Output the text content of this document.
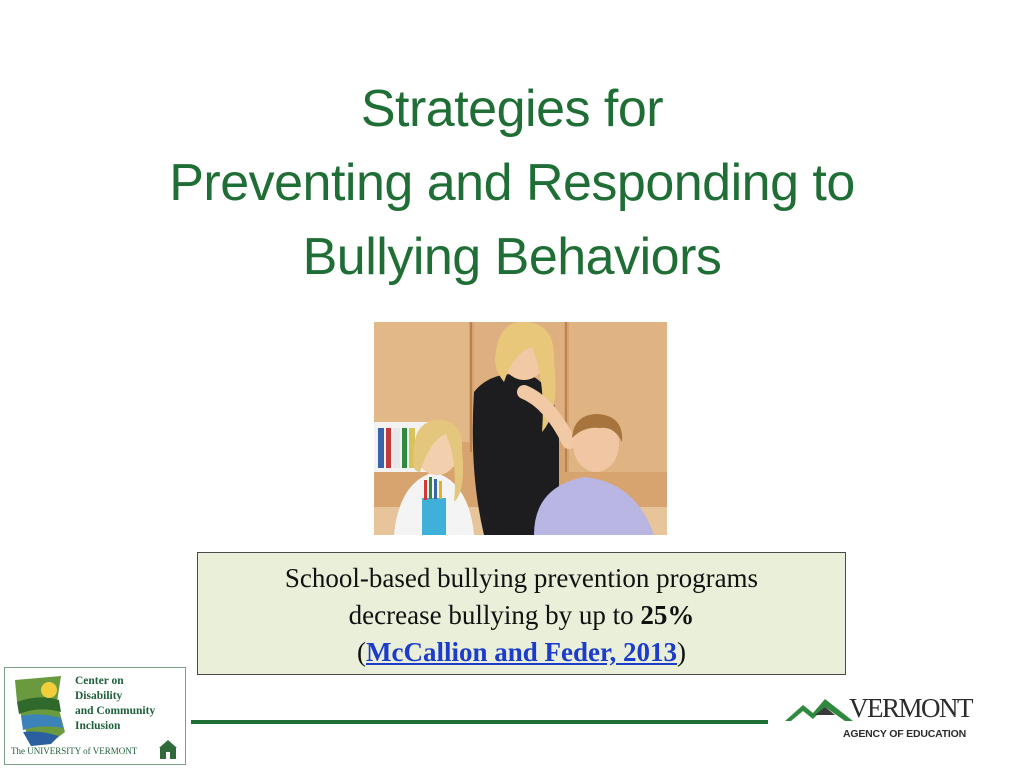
Strategies for
Preventing and Responding to
Bullying Behaviors
School-based bullying prevention programs
decrease bullying by up to 25%
(McCallion and Feder, 2013)
Center on
Disability
and Community
Inclusion
The UNIVERSITY of VERMONT
VERMONT
AGENCY OF EDUCATION
